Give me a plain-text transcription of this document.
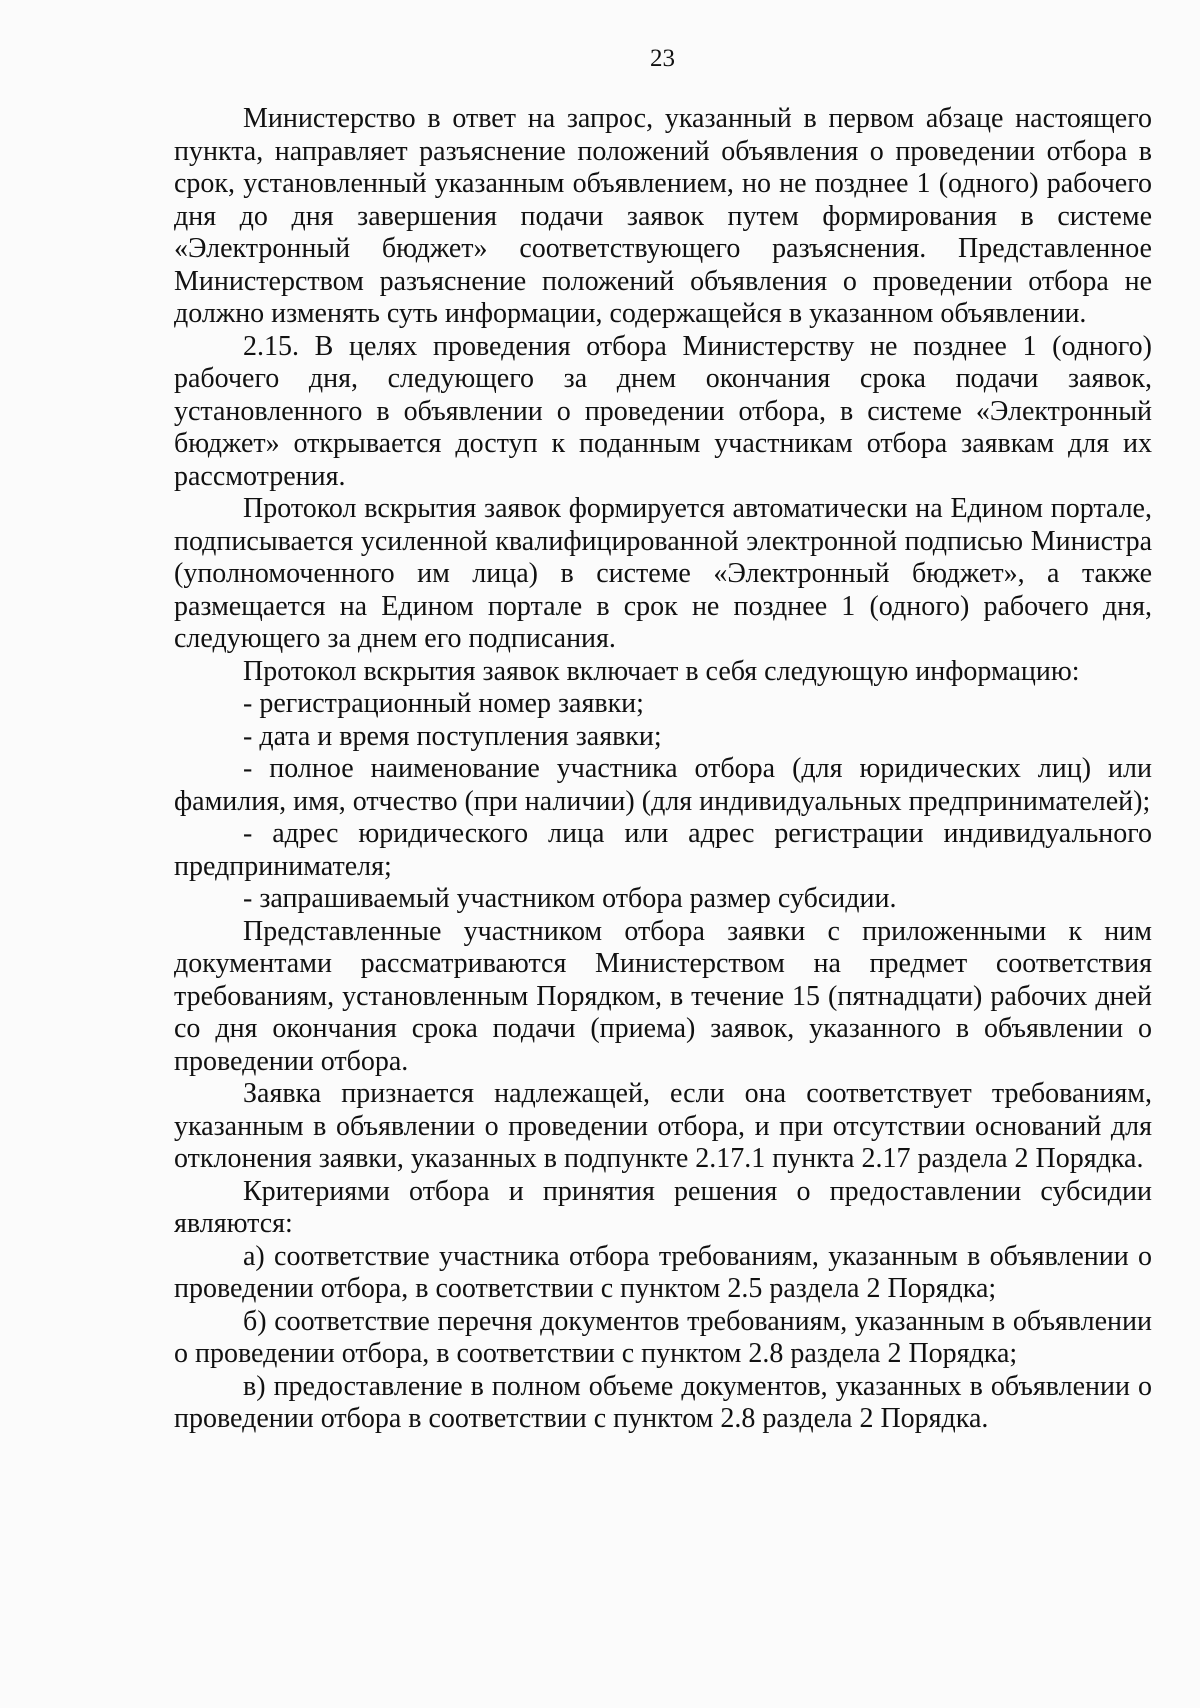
23

Министерство в ответ на запрос, указанный в первом абзаце настоящего пункта, направляет разъяснение положений объявления о проведении отбора в срок, установленный указанным объявлением, но не позднее 1 (одного) рабочего дня до дня завершения подачи заявок путем формирования в системе «Электронный бюджет» соответствующего разъяснения. Представленное Министерством разъяснение положений объявления о проведении отбора не должно изменять суть информации, содержащейся в указанном объявлении.

2.15. В целях проведения отбора Министерству не позднее 1 (одного) рабочего дня, следующего за днем окончания срока подачи заявок, установленного в объявлении о проведении отбора, в системе «Электронный бюджет» открывается доступ к поданным участникам отбора заявкам для их рассмотрения.

Протокол вскрытия заявок формируется автоматически на Едином портале, подписывается усиленной квалифицированной электронной подписью Министра (уполномоченного им лица) в системе «Электронный бюджет», а также размещается на Едином портале в срок не позднее 1 (одного) рабочего дня, следующего за днем его подписания.

Протокол вскрытия заявок включает в себя следующую информацию:

- регистрационный номер заявки;

- дата и время поступления заявки;

- полное наименование участника отбора (для юридических лиц) или фамилия, имя, отчество (при наличии) (для индивидуальных предпринимателей);

- адрес юридического лица или адрес регистрации индивидуального предпринимателя;

- запрашиваемый участником отбора размер субсидии.

Представленные участником отбора заявки с приложенными к ним документами рассматриваются Министерством на предмет соответствия требованиям, установленным Порядком, в течение 15 (пятнадцати) рабочих дней со дня окончания срока подачи (приема) заявок, указанного в объявлении о проведении отбора.

Заявка признается надлежащей, если она соответствует требованиям, указанным в объявлении о проведении отбора, и при отсутствии оснований для отклонения заявки, указанных в подпункте 2.17.1 пункта 2.17 раздела 2 Порядка.

Критериями отбора и принятия решения о предоставлении субсидии являются:

а) соответствие участника отбора требованиям, указанным в объявлении о проведении отбора, в соответствии с пунктом 2.5 раздела 2 Порядка;

б) соответствие перечня документов требованиям, указанным в объявлении о проведении отбора, в соответствии с пунктом 2.8 раздела 2 Порядка;

в) предоставление в полном объеме документов, указанных в объявлении о проведении отбора в соответствии с пунктом 2.8 раздела 2 Порядка.
